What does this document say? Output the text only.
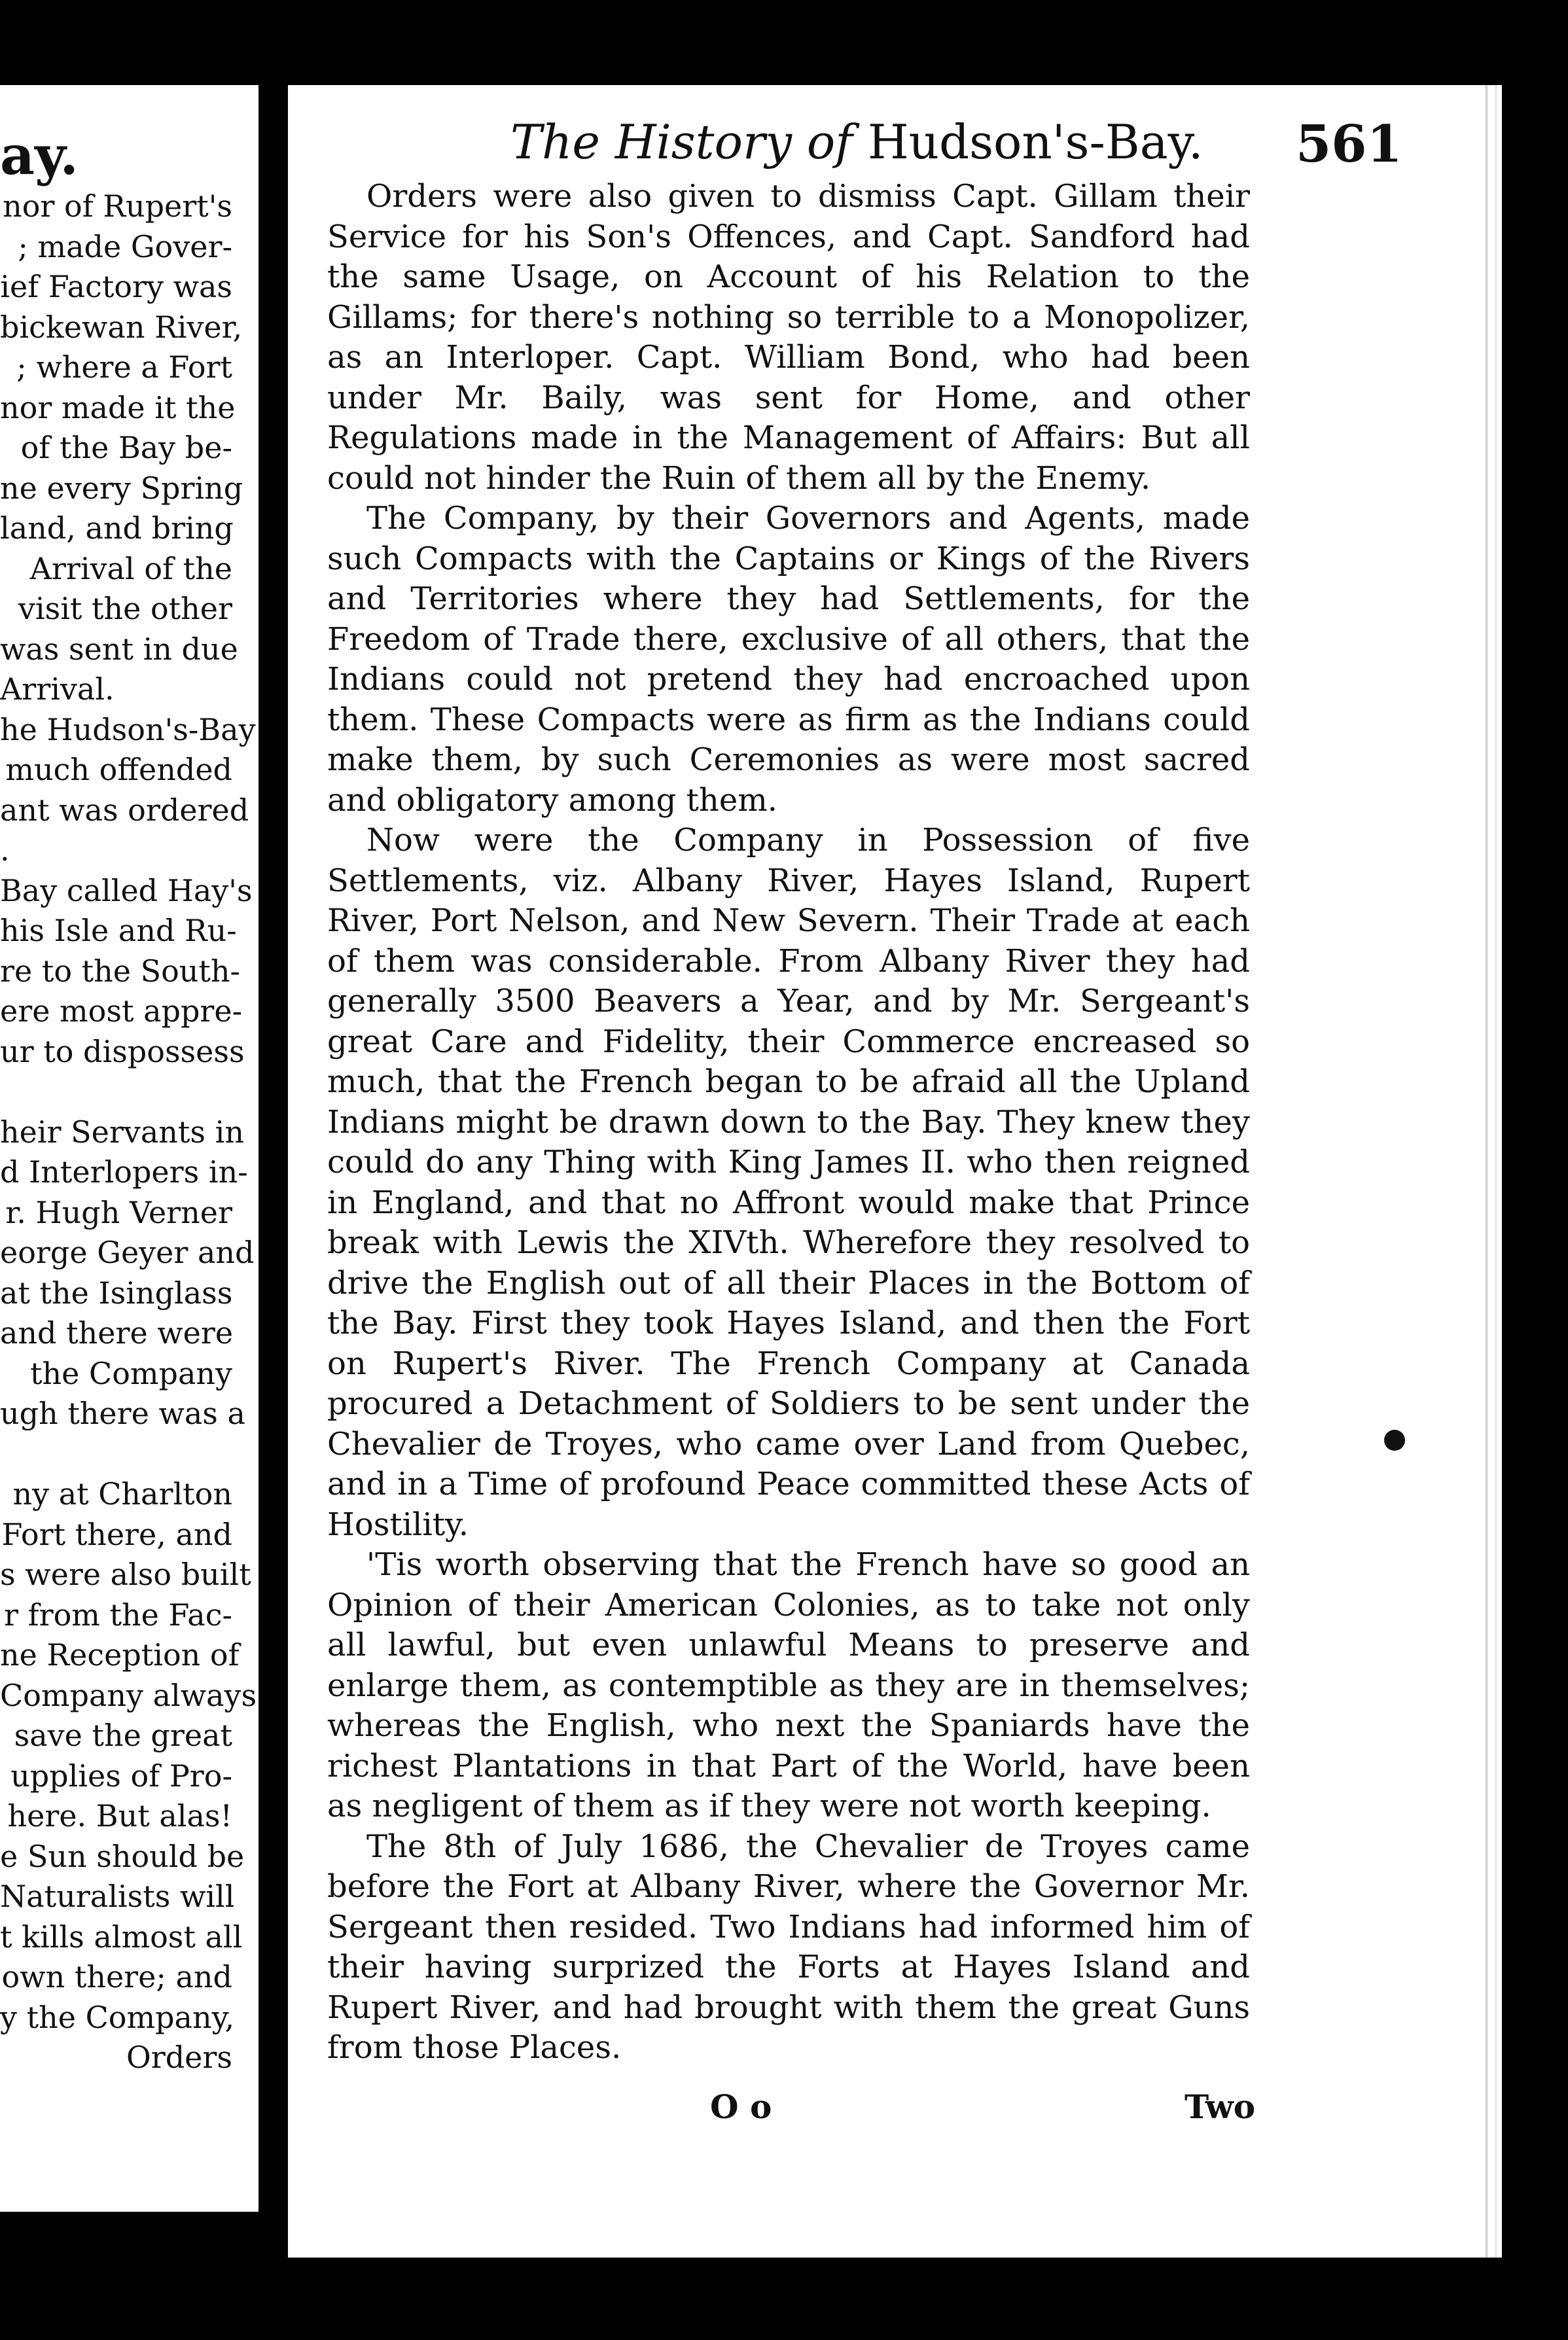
ay.
nor of Rupert's
; made Gover-
ief Factory was
bickewan River,
; where a Fort
nor made it the
of the Bay be-
ne every Spring
land, and bring
Arrival of the
visit the other
was sent in due
Arrival.
he Hudson's-Bay
much offended
ant was ordered
.
Bay called Hay's
his Isle and Ru-
re to the South-
ere most appre-
ur to dispossess
heir Servants in
d Interlopers in-
r. Hugh Verner
eorge Geyer and
at the Isinglass
and there were
the Company
ugh there was a
ny at Charlton
Fort there, and
s were also built
r from the Fac-
ne Reception of
Company always
save the great
upplies of Pro-
here. But alas!
e Sun should be
Naturalists will
t kills almost all
own there; and
y the Company,
Orders
The History of Hudson's-Bay. 561

Orders were also given to dismiss Capt. Gillam their Service for his Son's Offences, and Capt. Sandford had the same Usage, on Account of his Relation to the Gillams; for there's nothing so terrible to a Monopolizer, as an Interloper. Capt. William Bond, who had been under Mr. Baily, was sent for Home, and other Regulations made in the Management of Affairs: But all could not hinder the Ruin of them all by the Enemy.

The Company, by their Governors and Agents, made such Compacts with the Captains or Kings of the Rivers and Territories where they had Settlements, for the Freedom of Trade there, exclusive of all others, that the Indians could not pretend they had encroached upon them. These Compacts were as firm as the Indians could make them, by such Ceremonies as were most sacred and obligatory among them.

Now were the Company in Possession of five Settlements, viz. Albany River, Hayes Island, Rupert River, Port Nelson, and New Severn. Their Trade at each of them was considerable. From Albany River they had generally 3500 Beavers a Year, and by Mr. Sergeant's great Care and Fidelity, their Commerce encreased so much, that the French began to be afraid all the Upland Indians might be drawn down to the Bay. They knew they could do any Thing with King James II. who then reigned in England, and that no Affront would make that Prince break with Lewis the XIVth. Wherefore they resolved to drive the English out of all their Places in the Bottom of the Bay. First they took Hayes Island, and then the Fort on Rupert's River. The French Company at Canada procured a Detachment of Soldiers to be sent under the Chevalier de Troyes, who came over Land from Quebec, and in a Time of profound Peace committed these Acts of Hostility.

'Tis worth observing that the French have so good an Opinion of their American Colonies, as to take not only all lawful, but even unlawful Means to preserve and enlarge them, as contemptible as they are in themselves; whereas the English, who next the Spaniards have the richest Plantations in that Part of the World, have been as negligent of them as if they were not worth keeping.

The 8th of July 1686, the Chevalier de Troyes came before the Fort at Albany River, where the Governor Mr. Sergeant then resided. Two Indians had informed him of their having surprized the Forts at Hayes Island and Rupert River, and had brought with them the great Guns from those Places.

O o	Two
